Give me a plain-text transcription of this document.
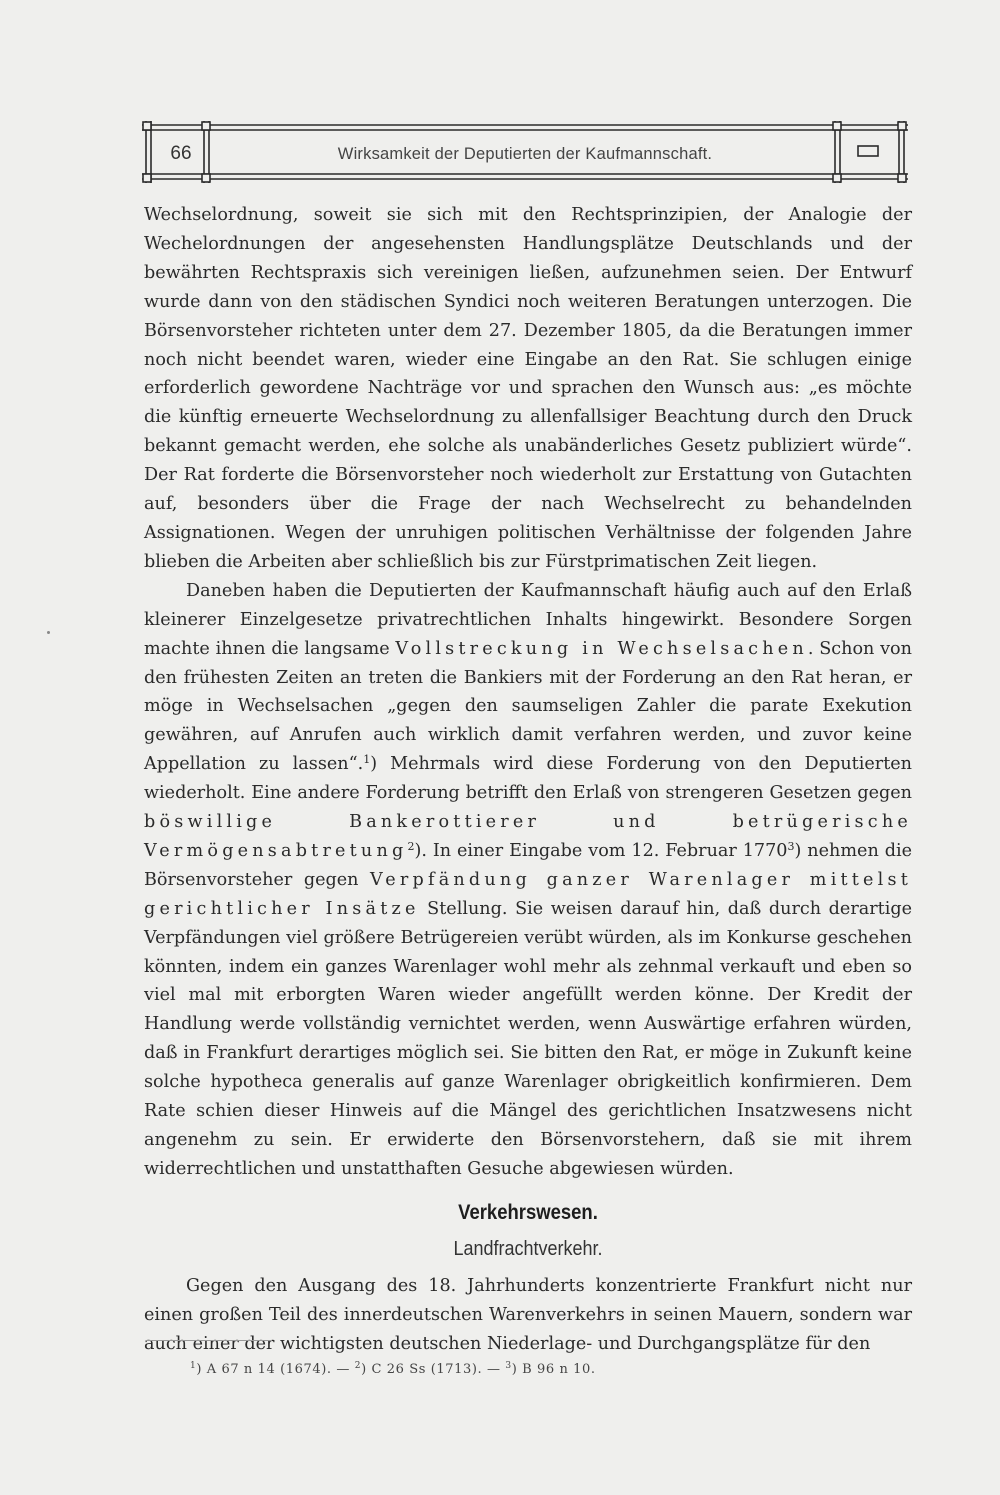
66	Wirksamkeit der Deputierten der Kaufmannschaft.

Wechselordnung, soweit sie sich mit den Rechtsprinzipien, der Analogie der Wechelordnungen der angesehensten Handlungsplätze Deutschlands und der bewährten Rechtspraxis sich vereinigen ließen, aufzunehmen seien. Der Entwurf wurde dann von den städischen Syndici noch weiteren Beratungen unterzogen. Die Börsenvorsteher richteten unter dem 27. Dezember 1805, da die Beratungen immer noch nicht beendet waren, wieder eine Eingabe an den Rat. Sie schlugen einige erforderlich gewordene Nachträge vor und sprachen den Wunsch aus: „es möchte die künftig erneuerte Wechselordnung zu allenfallsiger Beachtung durch den Druck bekannt gemacht werden, ehe solche als unabänderliches Gesetz publiziert würde“. Der Rat forderte die Börsenvorsteher noch wiederholt zur Erstattung von Gutachten auf, besonders über die Frage der nach Wechselrecht zu behandelnden Assignationen. Wegen der unruhigen politischen Verhältnisse der folgenden Jahre blieben die Arbeiten aber schließlich bis zur Fürstprimatischen Zeit liegen.

Daneben haben die Deputierten der Kaufmannschaft häufig auch auf den Erlaß kleinerer Einzelgesetze privatrechtlichen Inhalts hingewirkt. Besondere Sorgen machte ihnen die langsame Vollstreckung in Wechselsachen. Schon von den frühesten Zeiten an treten die Bankiers mit der Forderung an den Rat heran, er möge in Wechselsachen „gegen den saumseligen Zahler die parate Exekution gewähren, auf Anrufen auch wirklich damit verfahren werden, und zuvor keine Appellation zu lassen“.$^1$) Mehrmals wird diese Forderung von den Deputierten wiederholt. Eine andere Forderung betrifft den Erlaß von strengeren Gesetzen gegen böswillige Bankerottierer und betrügerische Vermögensabtretung$^2$). In einer Eingabe vom 12. Februar 1770$^3$) nehmen die Börsenvorsteher gegen Verpfändung ganzer Warenlager mittelst gerichtlicher Insätze Stellung. Sie weisen darauf hin, daß durch derartige Verpfändungen viel größere Betrügereien verübt würden, als im Konkurse geschehen könnten, indem ein ganzes Warenlager wohl mehr als zehnmal verkauft und eben so viel mal mit erborgten Waren wieder angefüllt werden könne. Der Kredit der Handlung werde vollständig vernichtet werden, wenn Auswärtige erfahren würden, daß in Frankfurt derartiges möglich sei. Sie bitten den Rat, er möge in Zukunft keine solche hypotheca generalis auf ganze Warenlager obrigkeitlich konfirmieren. Dem Rate schien dieser Hinweis auf die Mängel des gerichtlichen Insatzwesens nicht angenehm zu sein. Er erwiderte den Börsenvorstehern, daß sie mit ihrem widerrechtlichen und unstatthaften Gesuche abgewiesen würden.

Verkehrswesen.
Landfrachtverkehr.

Gegen den Ausgang des 18. Jahrhunderts konzentrierte Frankfurt nicht nur einen großen Teil des innerdeutschen Warenverkehrs in seinen Mauern, sondern war auch einer der wichtigsten deutschen Niederlage- und Durchgangsplätze für den

$^1$) A 67 n 14 (1674). — $^2$) C 26 Ss (1713). — $^3$) B 96 n 10.
